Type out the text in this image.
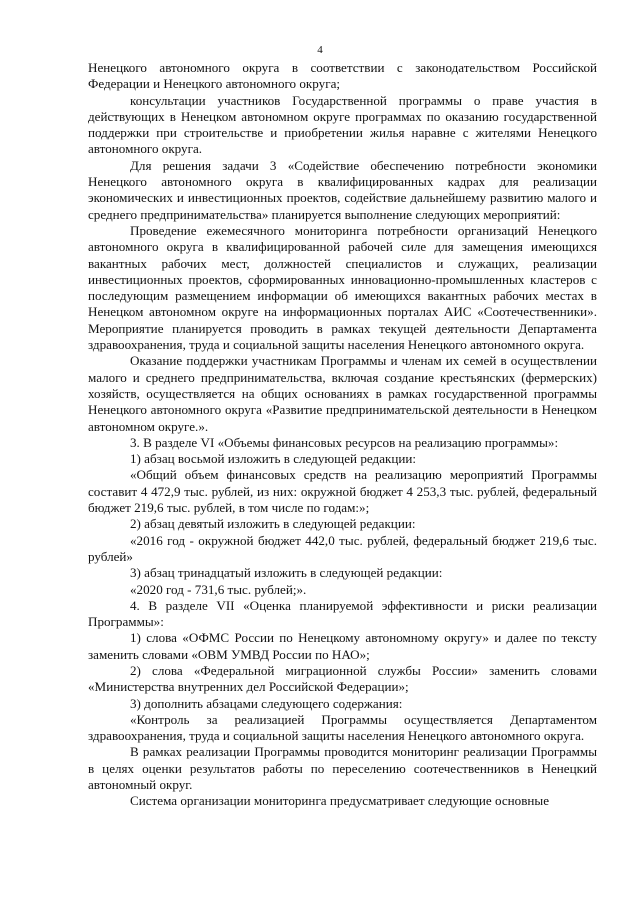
4

Ненецкого автономного округа в соответствии с законодательством Российской Федерации и Ненецкого автономного округа;

консультации участников Государственной программы о праве участия в действующих в Ненецком автономном округе программах по оказанию государственной поддержки при строительстве и приобретении жилья наравне с жителями Ненецкого автономного округа.

Для решения задачи 3 «Содействие обеспечению потребности экономики Ненецкого автономного округа в квалифицированных кадрах для реализации экономических и инвестиционных проектов, содействие дальнейшему развитию малого и среднего предпринимательства» планируется выполнение следующих мероприятий:

Проведение ежемесячного мониторинга потребности организаций Ненецкого автономного округа в квалифицированной рабочей силе для замещения имеющихся вакантных рабочих мест, должностей специалистов и служащих, реализации инвестиционных проектов, сформированных инновационно-промышленных кластеров с последующим размещением информации об имеющихся вакантных рабочих местах в Ненецком автономном округе на информационных порталах АИС «Соотечественники». Мероприятие планируется проводить в рамках текущей деятельности Департамента здравоохранения, труда и социальной защиты населения Ненецкого автономного округа.

Оказание поддержки участникам Программы и членам их семей в осуществлении малого и среднего предпринимательства, включая создание крестьянских (фермерских) хозяйств, осуществляется на общих основаниях в рамках государственной программы Ненецкого автономного округа «Развитие предпринимательской деятельности в Ненецком автономном округе.».

3. В разделе VI «Объемы финансовых ресурсов на реализацию программы»:

1) абзац восьмой изложить в следующей редакции:

«Общий объем финансовых средств на реализацию мероприятий Программы составит 4 472,9 тыс. рублей, из них: окружной бюджет 4 253,3 тыс. рублей, федеральный бюджет 219,6 тыс. рублей, в том числе по годам:»;

2) абзац девятый изложить в следующей редакции:

«2016 год - окружной бюджет 442,0 тыс. рублей, федеральный бюджет 219,6 тыс. рублей»

3) абзац тринадцатый изложить в следующей редакции:

«2020 год - 731,6 тыс. рублей;».

4. В разделе VII «Оценка планируемой эффективности и риски реализации Программы»:

1) слова «ОФМС России по Ненецкому автономному округу» и далее по тексту заменить словами «ОВМ УМВД России по НАО»;

2) слова «Федеральной миграционной службы России» заменить словами «Министерства внутренних дел Российской Федерации»;

3) дополнить абзацами следующего содержания:

«Контроль за реализацией Программы осуществляется Департаментом здравоохранения, труда и социальной защиты населения Ненецкого автономного округа.

В рамках реализации Программы проводится мониторинг реализации Программы в целях оценки результатов работы по переселению соотечественников в Ненецкий автономный округ.

Система организации мониторинга предусматривает следующие основные
